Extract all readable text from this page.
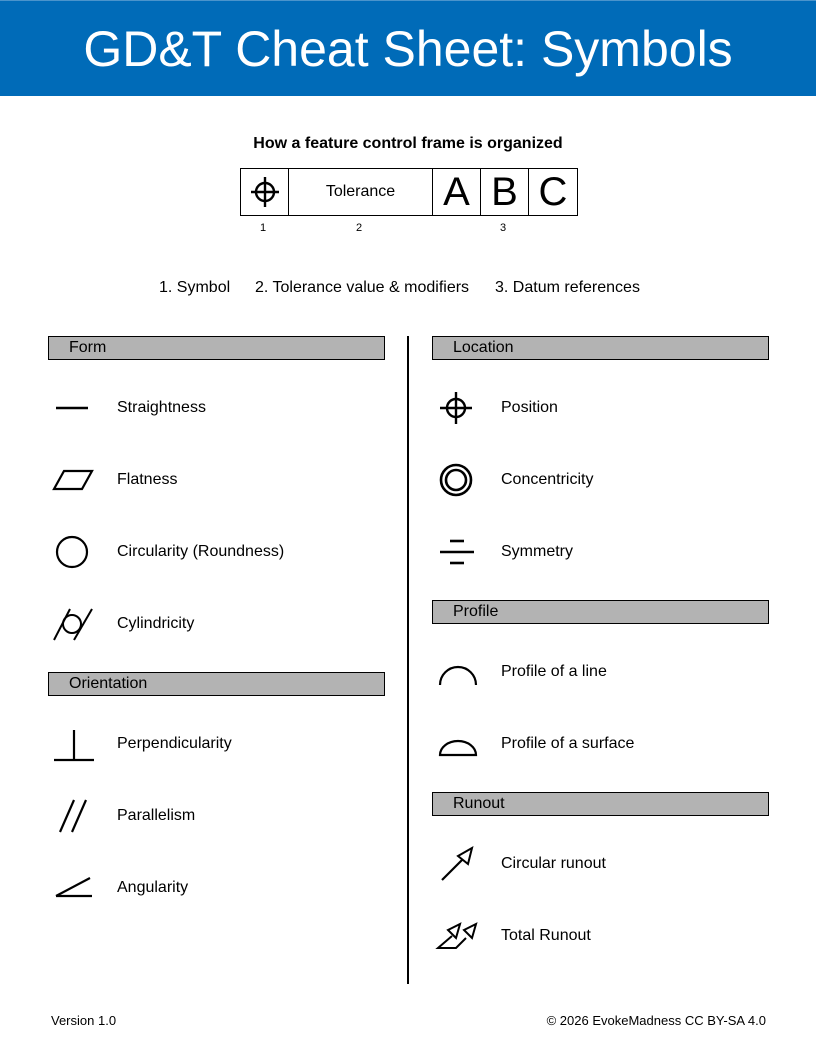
GD&T Cheat Sheet: Symbols
How a feature control frame is organized
Tolerance	A B C
1	2	3
1. Symbol 2. Tolerance value & modifiers 3. Datum references
Form
Straightness
Flatness
Circularity (Roundness)
Cylindricity
Orientation
Perpendicularity
Parallelism
Angularity
Location
Position
Concentricity
Symmetry
Profile
Profile of a line
Profile of a surface
Runout
Circular runout
Total Runout
Version 1.0	© 2026 EvokeMadness CC BY-SA 4.0
